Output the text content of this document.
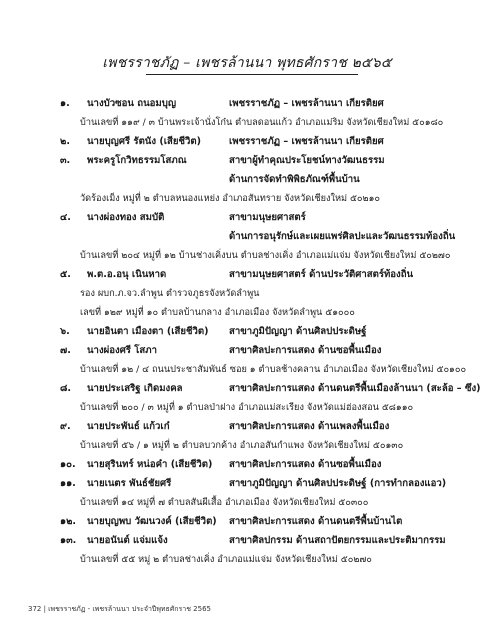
เพชรราชภัฏ – เพชรล้านนา พุทธศักราช ๒๕๖๕
๑. นางบัวซอน ถนอมบุญ	เพชรราชภัฏ – เพชรล้านนา เกียรติยศ
บ้านเลขที่ ๑๑๙ / ๓ บ้านพระเจ้านั่งโก๋น ตำบลดอนแก้ว อำเภอแม่ริม จังหวัดเชียงใหม่ ๕๐๑๘๐
๒. นายบุญศรี รัตนัง (เสียชีวิต)	เพชรราชภัฏ – เพชรล้านนา เกียรติยศ
๓. พระครูโกวิทธรรมโสภณ	สาขาผู้ทำคุณประโยชน์ทางวัฒนธรรม
ด้านการจัดทำพิพิธภัณฑ์พื้นบ้าน
วัดร้องเม็ง หมู่ที่ ๒ ตำบลหนองแหย่ง อำเภอสันทราย จังหวัดเชียงใหม่ ๕๐๒๑๐
๔. นางผ่องทอง สมบัติ	สาขามนุษยศาสตร์
ด้านการอนุรักษ์และเผยแพร่ศิลปะและวัฒนธรรมท้องถิ่น
บ้านเลขที่ ๒๐๔ หมู่ที่ ๑๒ บ้านช่างเคิ่งบน ตำบลช่างเคิ่ง อำเภอแม่แจ่ม จังหวัดเชียงใหม่ ๕๐๒๗๐
๕. พ.ต.อ.อนุ เนินหาด	สาขามนุษยศาสตร์ ด้านประวัติศาสตร์ท้องถิ่น
รอง ผบก.ภ.จว.ลำพูน ตำรวจภูธรจังหวัดลำพูน
เลขที่ ๑๒๙ หมู่ที่ ๑๐ ตำบลบ้านกลาง อำเภอเมือง จังหวัดลำพูน ๕๑๐๐๐
๖. นายอินตา เมืองตา (เสียชีวิต) สาขาภูมิปัญญา ด้านศิลปประดิษฐ์
๗. นางผ่องศรี โสภา	สาขาศิลปะการแสดง ด้านซอพื้นเมือง
บ้านเลขที่ ๑๒ / ๔ ถนนประชาสัมพันธ์ ซอย ๑ ตำบลช้างคลาน อำเภอเมือง จังหวัดเชียงใหม่ ๕๐๑๐๐
๘. นายประเสริฐ เกิดมงคล	สาขาศิลปะการแสดง ด้านดนตรีพื้นเมืองล้านนา (สะล้อ – ซึง)
บ้านเลขที่ ๒๐๐ / ๓ หมู่ที่ ๑ ตำบลป่าฝาง อำเภอแม่สะเรียง จังหวัดแม่ฮ่องสอน ๕๘๑๑๐
๙. นายประพันธ์ แก้วเก๋	สาขาศิลปะการแสดง ด้านเพลงพื้นเมือง
บ้านเลขที่ ๕๖ / ๑ หมู่ที่ ๒ ตำบลบวกค้าง อำเภอสันกำแพง จังหวัดเชียงใหม่ ๕๐๑๓๐
๑๐. นายสุรินทร์ หน่อคำ (เสียชีวิต) สาขาศิลปะการแสดง ด้านซอพื้นเมือง
๑๑. นายเนตร พันธ์ชัยศรี	สาขาภูมิปัญญา ด้านศิลปประดิษฐ์ (การทำกลองแอว)
บ้านเลขที่ ๑๔ หมู่ที่ ๗ ตำบลสันผีเสื้อ อำเภอเมือง จังหวัดเชียงใหม่ ๕๐๓๐๐
๑๒. นายบุญพบ วัฒนวงค์ (เสียชีวิต) สาขาศิลปะการแสดง ด้านดนตรีพื้นบ้านไต
๑๓. นายอนันต์ แจ่มแจ้ง	สาขาศิลปกรรม ด้านสถาปัตยกรรมและประติมากรรม
บ้านเลขที่ ๕๕ หมู่ ๒ ตำบลช่างเคิ่ง อำเภอแม่แจ่ม จังหวัดเชียงใหม่ ๕๐๒๗๐
372 | เพชรราชภัฏ - เพชรล้านนา ประจำปีพุทธศักราช 2565
